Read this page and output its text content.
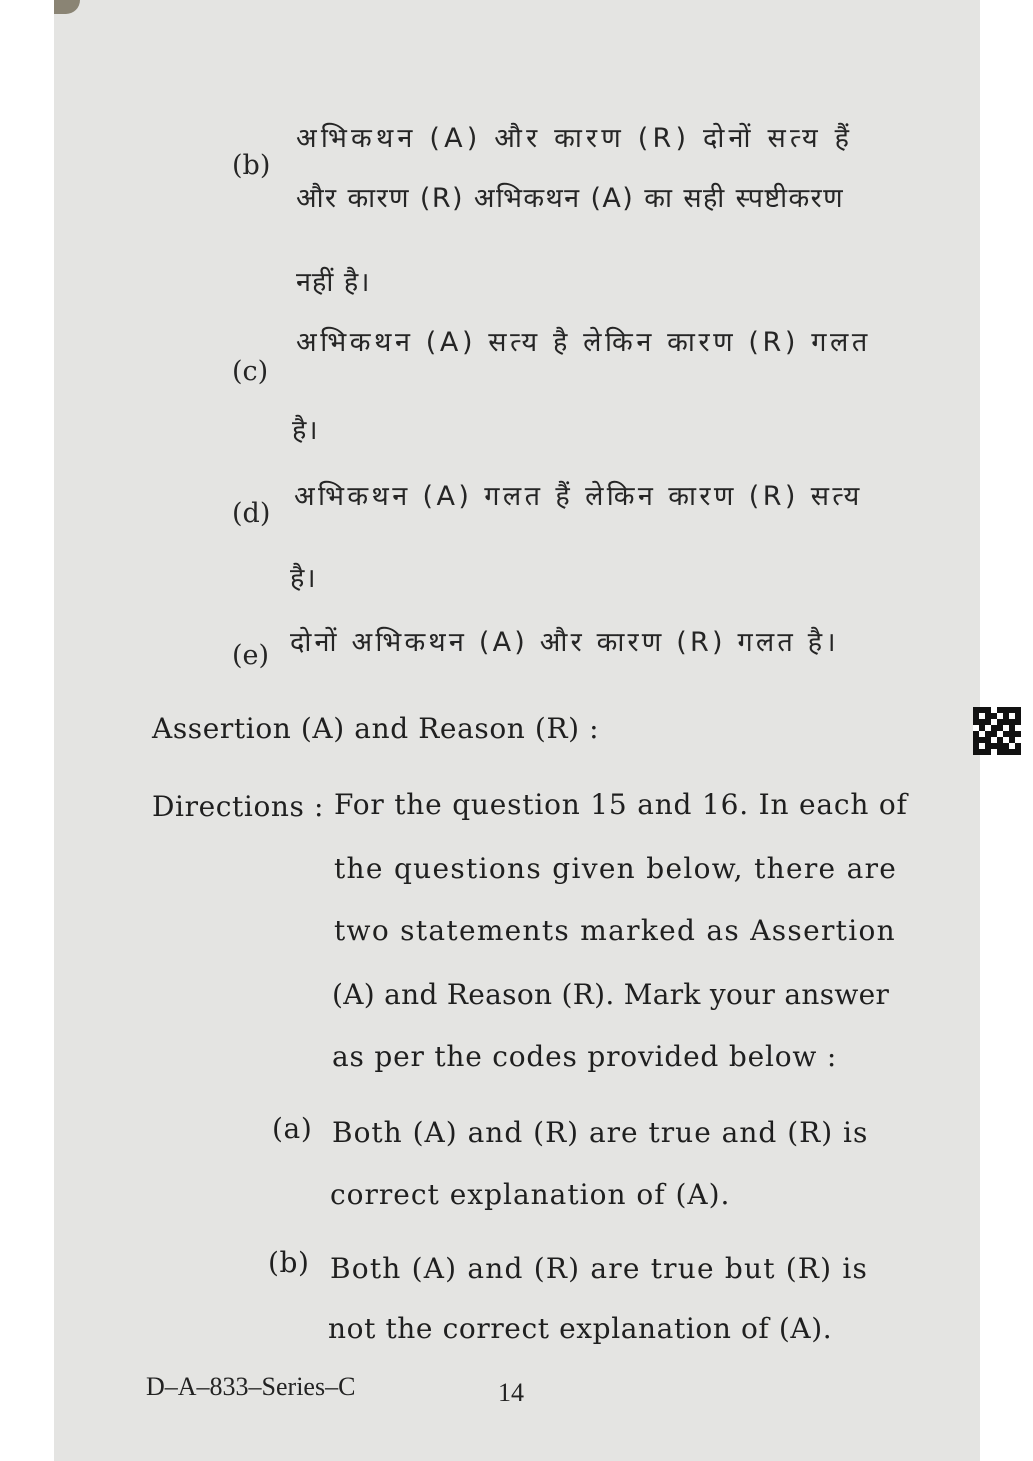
(b)
अभिकथन (A) और कारण (R) दोनों सत्य हैं
और कारण (R) अभिकथन (A) का सही स्पष्टीकरण
नहीं है।
(c)
अभिकथन (A) सत्य है लेकिन कारण (R) गलत
है।
(d)
अभिकथन (A) गलत हैं लेकिन कारण (R) सत्य
है।
(e) दोनों अभिकथन (A) और कारण (R) गलत है।
Assertion (A) and Reason (R) :
Directions : For the question 15 and 16. In each of
the questions given below, there are
two statements marked as Assertion
(A) and Reason (R). Mark your answer
as per the codes provided below :
(a) Both (A) and (R) are true and (R) is
correct explanation of (A).
(b) Both (A) and (R) are true but (R) is
not the correct explanation of (A).
D–A–833–Series–C	14
